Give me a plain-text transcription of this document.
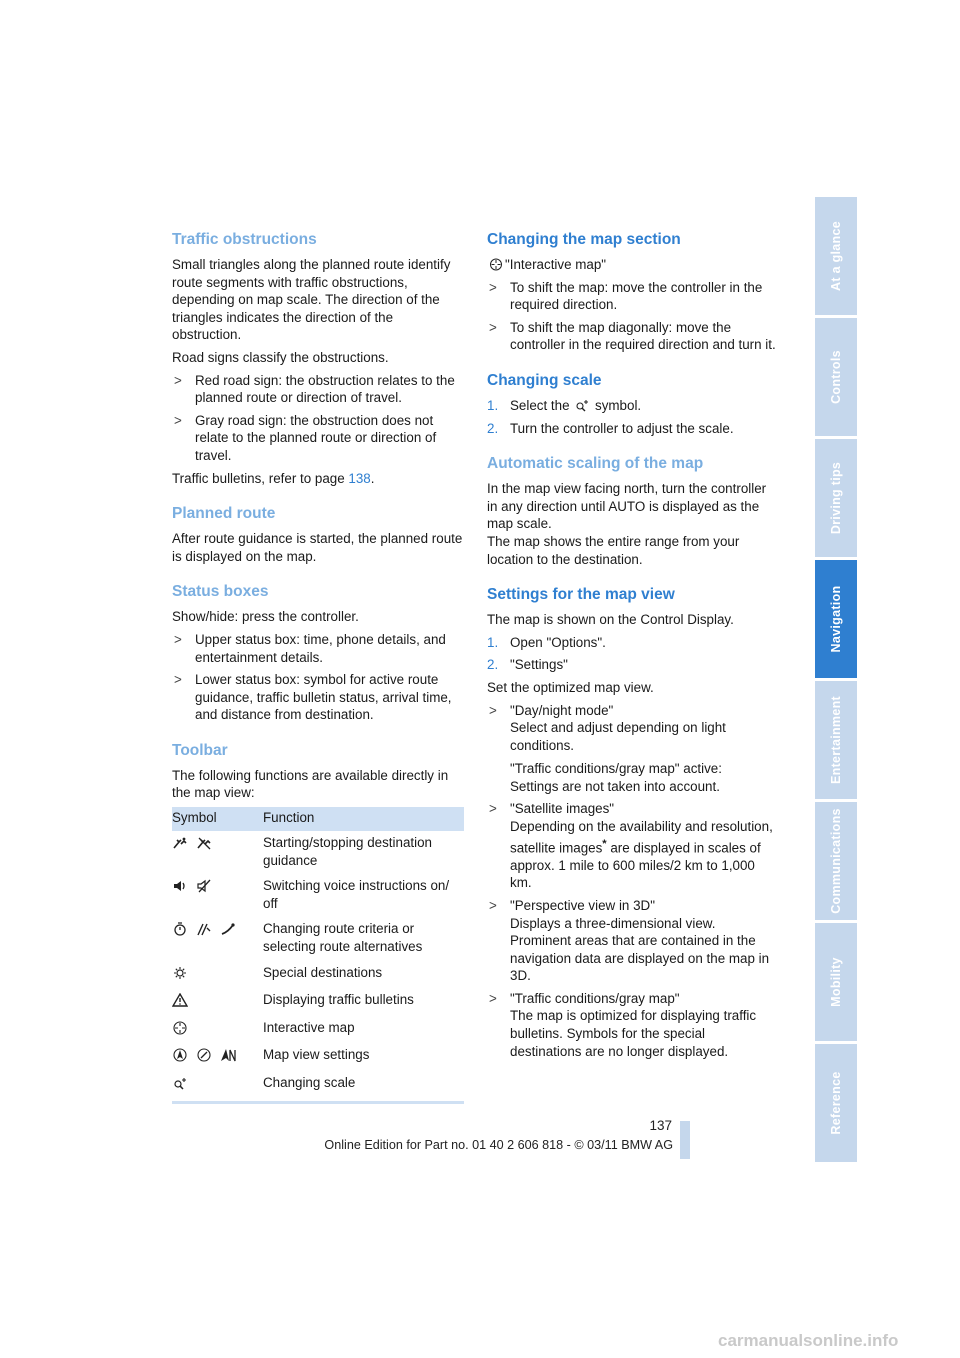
Traffic obstructions

Small triangles along the planned route identify route segments with traffic obstructions, depending on map scale. The direction of the triangles indicates the direction of the obstruction.

Road signs classify the obstructions.

> Red road sign: the obstruction relates to the planned route or direction of travel.
> Gray road sign: the obstruction does not relate to the planned route or direction of travel.

Traffic bulletins, refer to page 138.

Planned route

After route guidance is started, the planned route is displayed on the map.

Status boxes

Show/hide: press the controller.

> Upper status box: time, phone details, and entertainment details.
> Lower status box: symbol for active route guidance, traffic bulletin status, arrival time, and distance from destination.
Toolbar

The following functions are available directly in the map view:

Symbol	Function

	Starting/stopping destination guidance

	Switching voice instructions on/ off

	Changing route criteria or selecting route alternatives

	Special destinations

	Displaying traffic bulletins

	Interactive map

	Map view settings

	Changing scale
Changing the map section

"Interactive map"

> To shift the map: move the controller in the required direction.
> To shift the map diagonally: move the controller in the required direction and turn it.
Changing scale
1. Select the
symbol.
2. Turn the controller to adjust the scale.
Automatic scaling of the map

In the map view facing north, turn the controller in any direction until AUTO is displayed as the map scale.

The map shows the entire range from your location to the destination.

Settings for the map view

The map is shown on the Control Display.

1. Open "Options".
2. "Settings"

Set the optimized map view.

> "Day/night mode"
Select and adjust depending on light conditions.
"Traffic conditions/gray map" active:
Settings are not taken into account.
> "Satellite images"
Depending on the availability and resolution, satellite images* are displayed in scales of approx. 1 mile to 600 miles/2 km to 1,000 km.
> "Perspective view in 3D"
Displays a three-dimensional view. Prominent areas that are contained in the navigation data are displayed on the map in 3D.
> "Traffic conditions/gray map"
The map is optimized for displaying traffic bulletins. Symbols for the special destinations are no longer displayed.
At a glance
Controls
Driving tips
Navigation
Entertainment
Communications
Mobility
Reference
137
Online Edition for Part no. 01 40 2 606 818 - © 03/11 BMW AG
carmanualsonline.info
